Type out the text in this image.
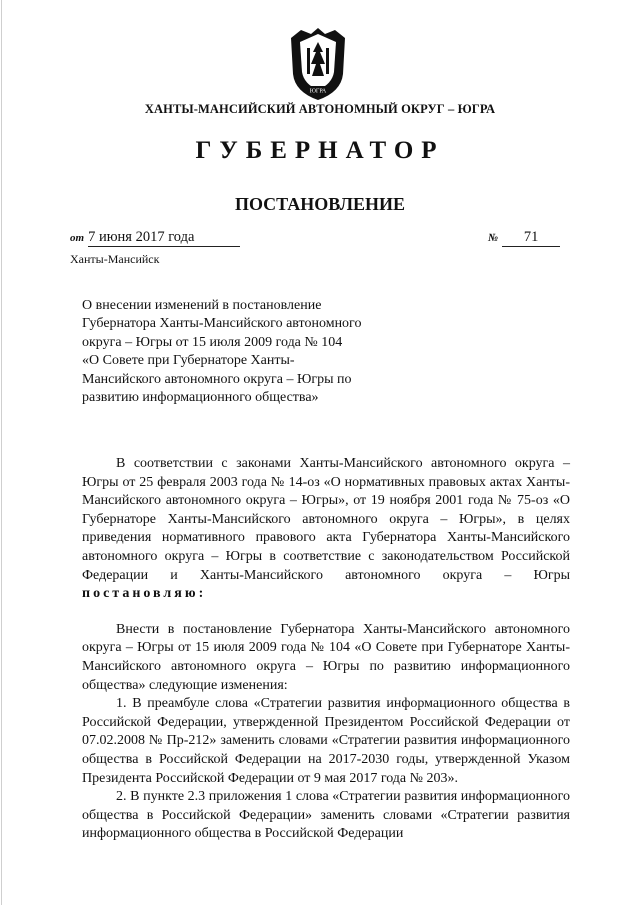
ЮГРА
ХАНТЫ-МАНСИЙСКИЙ АВТОНОМНЫЙ ОКРУГ – ЮГРА
ГУБЕРНАТОР
ПОСТАНОВЛЕНИЕ
от 7 июня 2017 года	№ 71
Ханты-Мансийск
О внесении изменений в постановление Губернатора Ханты-Мансийского автономного округа – Югры от 15 июля 2009 года № 104 «О Совете при Губернаторе Ханты-Мансийского автономного округа – Югры по развитию информационного общества»

В соответствии с законами Ханты-Мансийского автономного округа – Югры от 25 февраля 2003 года № 14-оз «О нормативных правовых актах Ханты-Мансийского автономного округа – Югры», от 19 ноября 2001 года № 75-оз «О Губернаторе Ханты-Мансийского автономного округа – Югры», в целях приведения нормативного правового акта Губернатора Ханты-Мансийского автономного округа – Югры в соответствие с законодательством Российской Федерации и Ханты-Мансийского автономного округа – Югры постановляю:

Внести в постановление Губернатора Ханты-Мансийского автономного округа – Югры от 15 июля 2009 года № 104 «О Совете при Губернаторе Ханты-Мансийского автономного округа – Югры по развитию информационного общества» следующие изменения:

1. В преамбуле слова «Стратегии развития информационного общества в Российской Федерации, утвержденной Президентом Российской Федерации от 07.02.2008 № Пр-212» заменить словами «Стратегии развития информационного общества в Российской Федерации на 2017-2030 годы, утвержденной Указом Президента Российской Федерации от 9 мая 2017 года № 203».

2. В пункте 2.3 приложения 1 слова «Стратегии развития информационного общества в Российской Федерации» заменить словами «Стратегии развития информационного общества в Российской Федерации
